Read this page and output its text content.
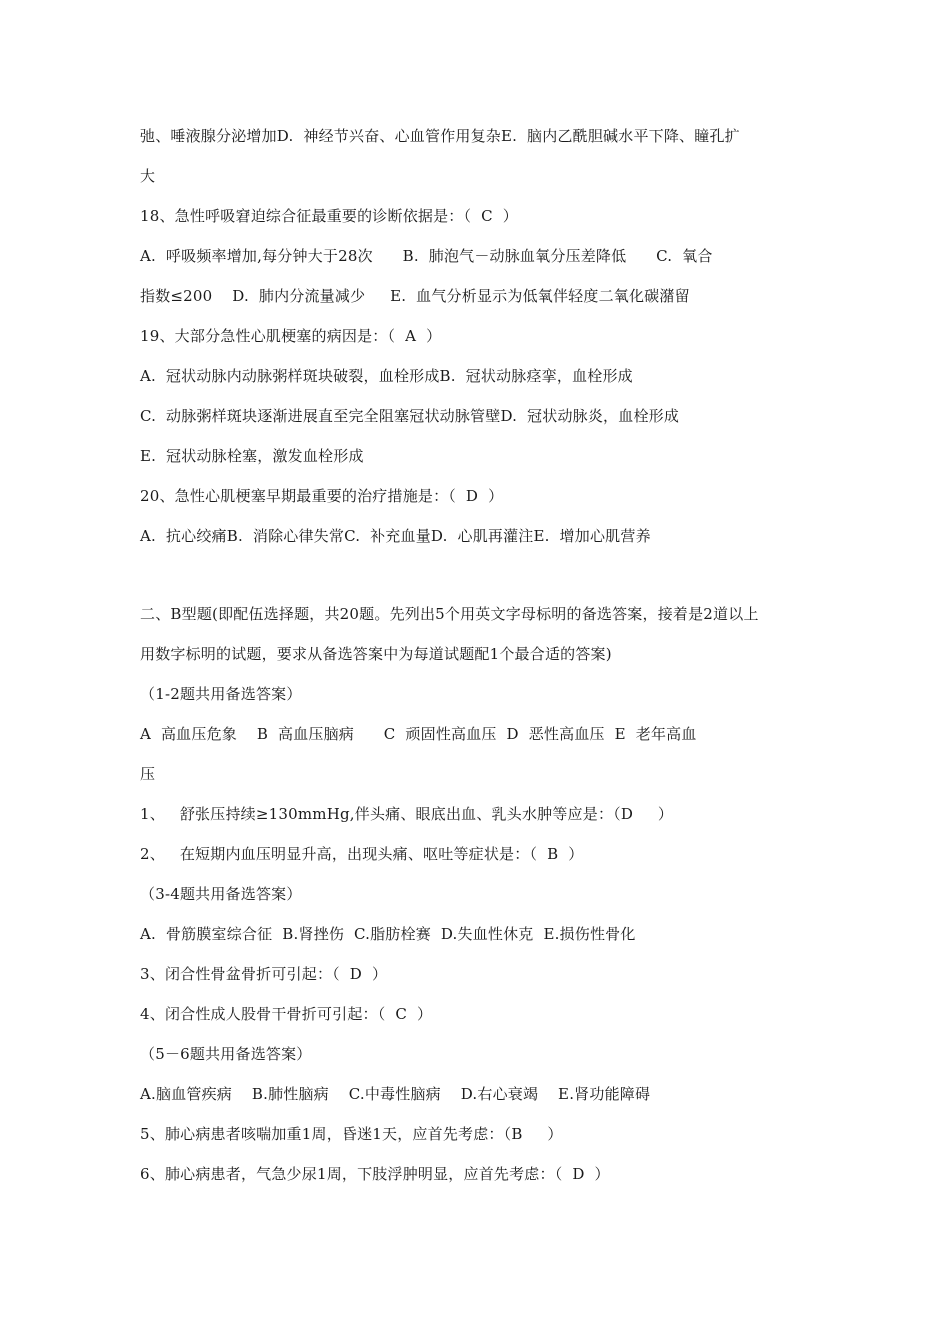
弛、唾液腺分泌增加D.  神经节兴奋、心血管作用复杂E.  脑内乙酰胆碱水平下降、瞳孔扩
大
18、急性呼吸窘迫综合征最重要的诊断依据是：（  C  ）
A.  呼吸频率增加,每分钟大于28次      B.  肺泡气－动脉血氧分压差降低      C.  氧合
指数≤200    D.  肺内分流量减少     E.  血气分析显示为低氧伴轻度二氧化碳潴留
19、大部分急性心肌梗塞的病因是：（  A  ）
A.  冠状动脉内动脉粥样斑块破裂，血栓形成B.  冠状动脉痉挛，血栓形成
C.  动脉粥样斑块逐渐进展直至完全阻塞冠状动脉管壁D.  冠状动脉炎，血栓形成
E.  冠状动脉栓塞，激发血栓形成
20、急性心肌梗塞早期最重要的治疗措施是：（  D  ）
A.  抗心绞痛B.  消除心律失常C.  补充血量D.  心肌再灌注E.  增加心肌营养
二、B型题(即配伍选择题，共20题。先列出5个用英文字母标明的备选答案，接着是2道以上
用数字标明的试题，要求从备选答案中为每道试题配1个最合适的答案)
（1-2题共用备选答案）
A  高血压危象    B  高血压脑病      C  顽固性高血压  D  恶性高血压  E  老年高血
压
1、   舒张压持续≥130mmHg,伴头痛、眼底出血、乳头水肿等应是：（D     ）
2、   在短期内血压明显升高，出现头痛、呕吐等症状是：（  B  ）
（3-4题共用备选答案）
A.  骨筋膜室综合征  B.肾挫伤  C.脂肪栓赛  D.失血性休克  E.损伤性骨化
3、闭合性骨盆骨折可引起：（  D  ）
4、闭合性成人股骨干骨折可引起：（  C  ）
（5－6题共用备选答案）
A.脑血管疾病    B.肺性脑病    C.中毒性脑病    D.右心衰竭    E.肾功能障碍
5、肺心病患者咳喘加重1周，昏迷1天，应首先考虑：（B     ）
6、肺心病患者，气急少尿1周，下肢浮肿明显，应首先考虑：（  D  ）
